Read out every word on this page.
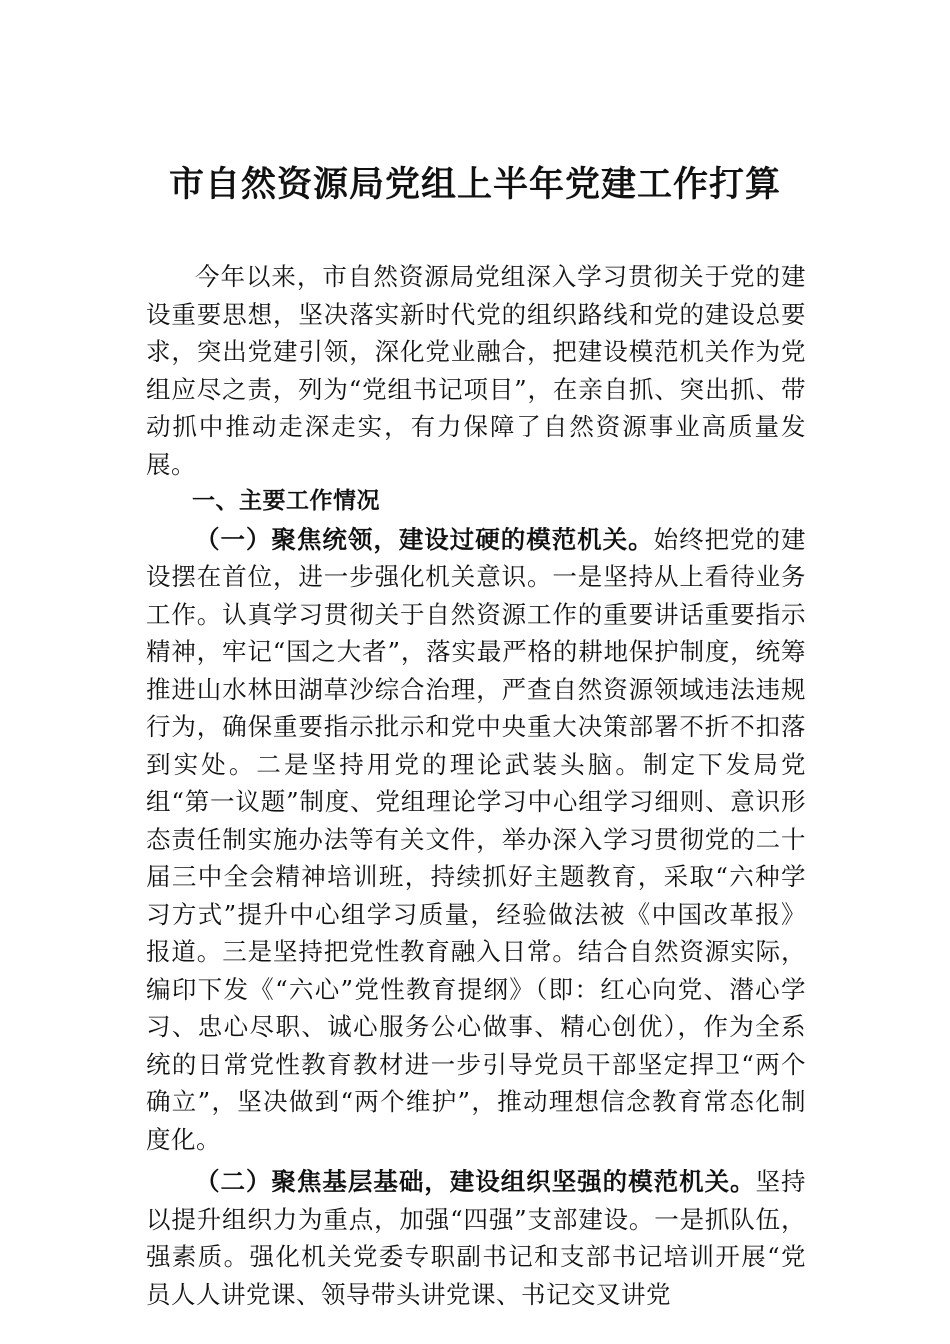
市自然资源局党组上半年党建工作打算

今年以来，市自然资源局党组深入学习贯彻关于党的建设重要思想，坚决落实新时代党的组织路线和党的建设总要求，突出党建引领，深化党业融合，把建设模范机关作为党组应尽之责，列为“党组书记项目”，在亲自抓、突出抓、带动抓中推动走深走实，有力保障了自然资源事业高质量发展。

一、主要工作情况

（一）聚焦统领，建设过硬的模范机关。始终把党的建设摆在首位，进一步强化机关意识。一是坚持从上看待业务工作。认真学习贯彻关于自然资源工作的重要讲话重要指示精神，牢记“国之大者”，落实最严格的耕地保护制度，统筹推进山水林田湖草沙综合治理，严查自然资源领域违法违规行为，确保重要指示批示和党中央重大决策部署不折不扣落到实处。二是坚持用党的理论武装头脑。制定下发局党组“第一议题”制度、党组理论学习中心组学习细则、意识形态责任制实施办法等有关文件，举办深入学习贯彻党的二十届三中全会精神培训班，持续抓好主题教育，采取“六种学习方式”提升中心组学习质量，经验做法被《中国改革报》报道。三是坚持把党性教育融入日常。结合自然资源实际，编印下发《“六心”党性教育提纲》（即：红心向党、潜心学习、忠心尽职、诚心服务公心做事、精心创优），作为全系统的日常党性教育教材进一步引导党员干部坚定捍卫“两个确立”，坚决做到“两个维护”，推动理想信念教育常态化制度化。

（二）聚焦基层基础，建设组织坚强的模范机关。坚持以提升组织力为重点，加强“四强”支部建设。一是抓队伍，强素质。强化机关党委专职副书记和支部书记培训开展“党员人人讲党课、领导带头讲党课、书记交叉讲党
